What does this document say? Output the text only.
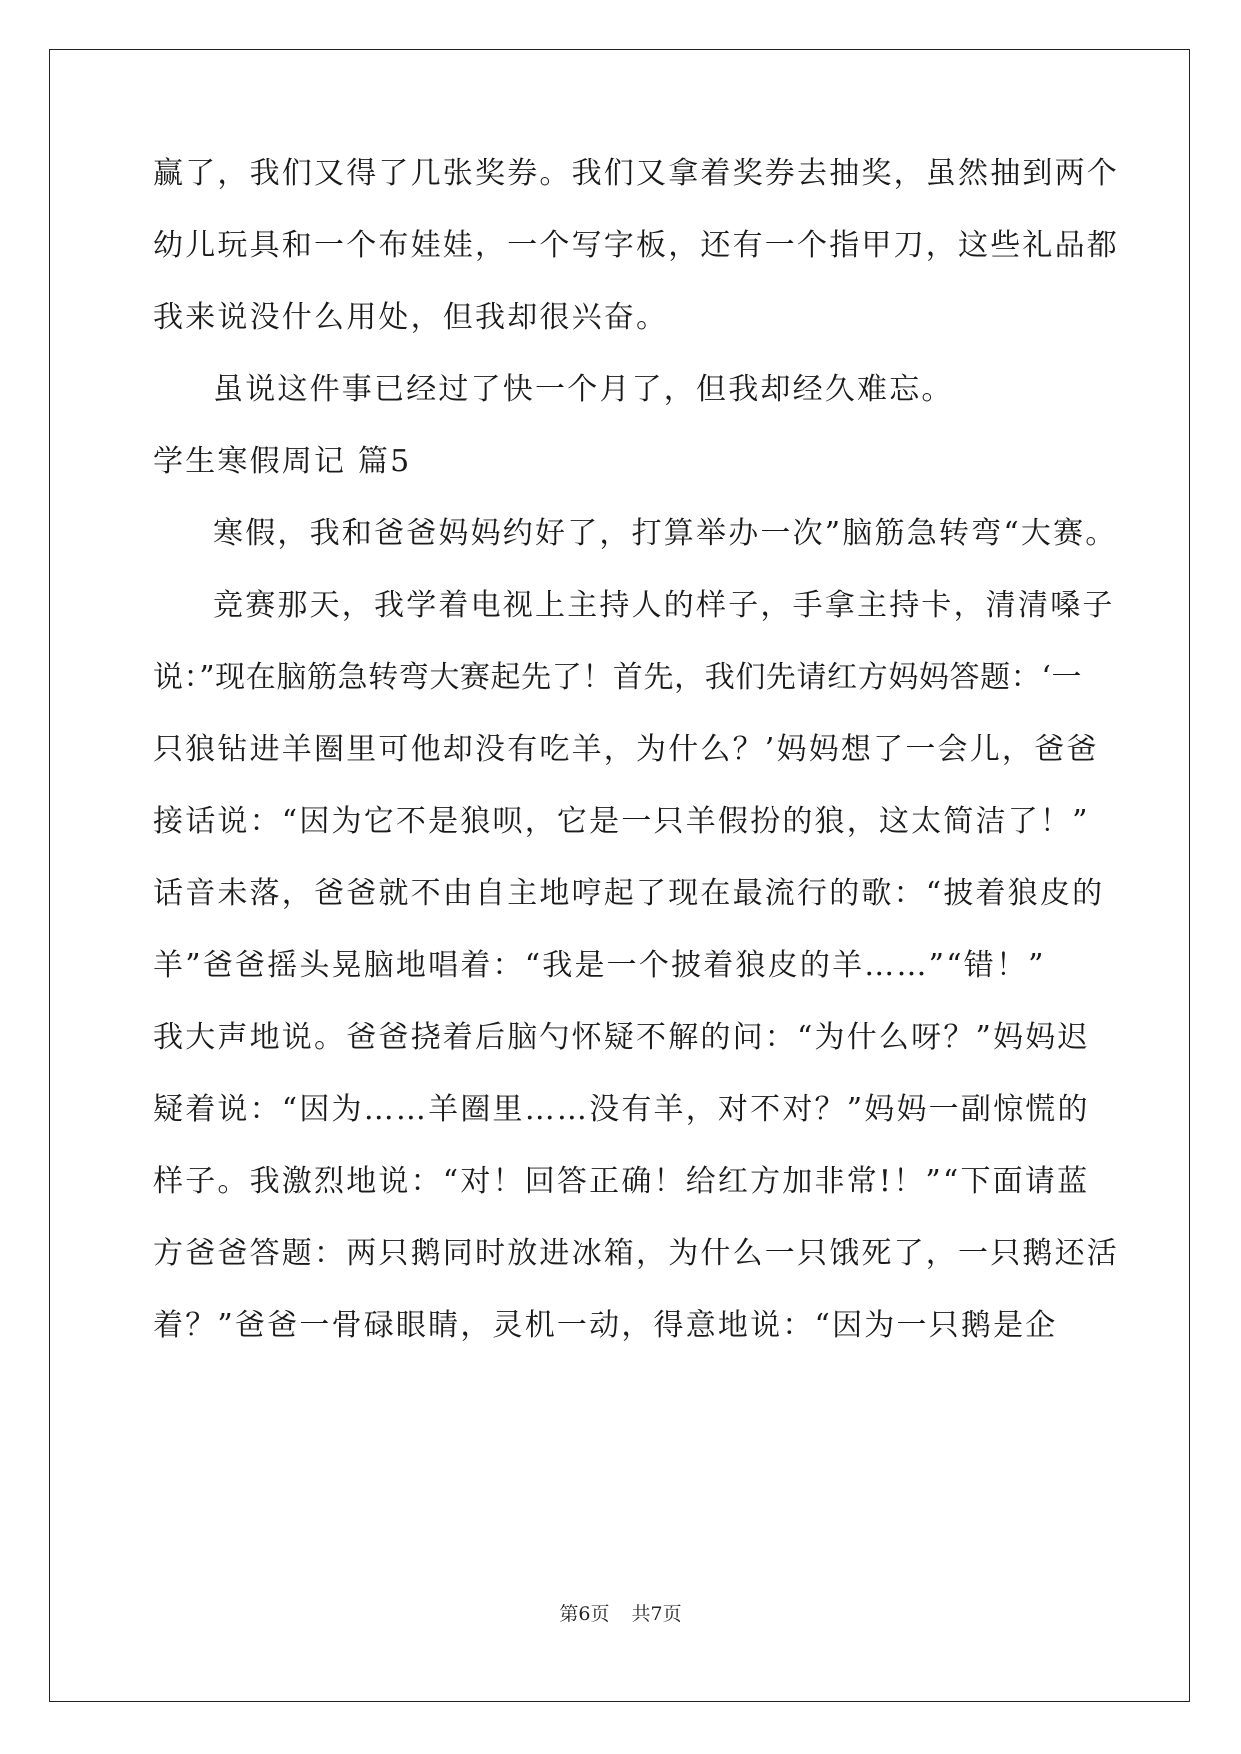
赢了，我们又得了几张奖券。我们又拿着奖券去抽奖，虽然抽到两个
幼儿玩具和一个布娃娃，一个写字板，还有一个指甲刀，这些礼品都
我来说没什么用处，但我却很兴奋。
虽说这件事已经过了快一个月了，但我却经久难忘。
学生寒假周记 篇5
寒假，我和爸爸妈妈约好了，打算举办一次”脑筋急转弯“大赛。
竞赛那天，我学着电视上主持人的样子，手拿主持卡，清清嗓子
说：”现在脑筋急转弯大赛起先了！首先，我们先请红方妈妈答题：‘一
只狼钻进羊圈里可他却没有吃羊，为什么？’妈妈想了一会儿，爸爸
接话说：“因为它不是狼呗，它是一只羊假扮的狼，这太简洁了！”
话音未落，爸爸就不由自主地哼起了现在最流行的歌：“披着狼皮的
羊”爸爸摇头晃脑地唱着：“我是一个披着狼皮的羊……”“错！”
我大声地说。爸爸挠着后脑勺怀疑不解的问：“为什么呀？”妈妈迟
疑着说：“因为……羊圈里……没有羊，对不对？”妈妈一副惊慌的
样子。我激烈地说：“对！回答正确！给红方加非常!！”“下面请蓝
方爸爸答题：两只鹅同时放进冰箱，为什么一只饿死了，一只鹅还活
着？”爸爸一骨碌眼睛，灵机一动，得意地说：“因为一只鹅是企
第6页 共7页
